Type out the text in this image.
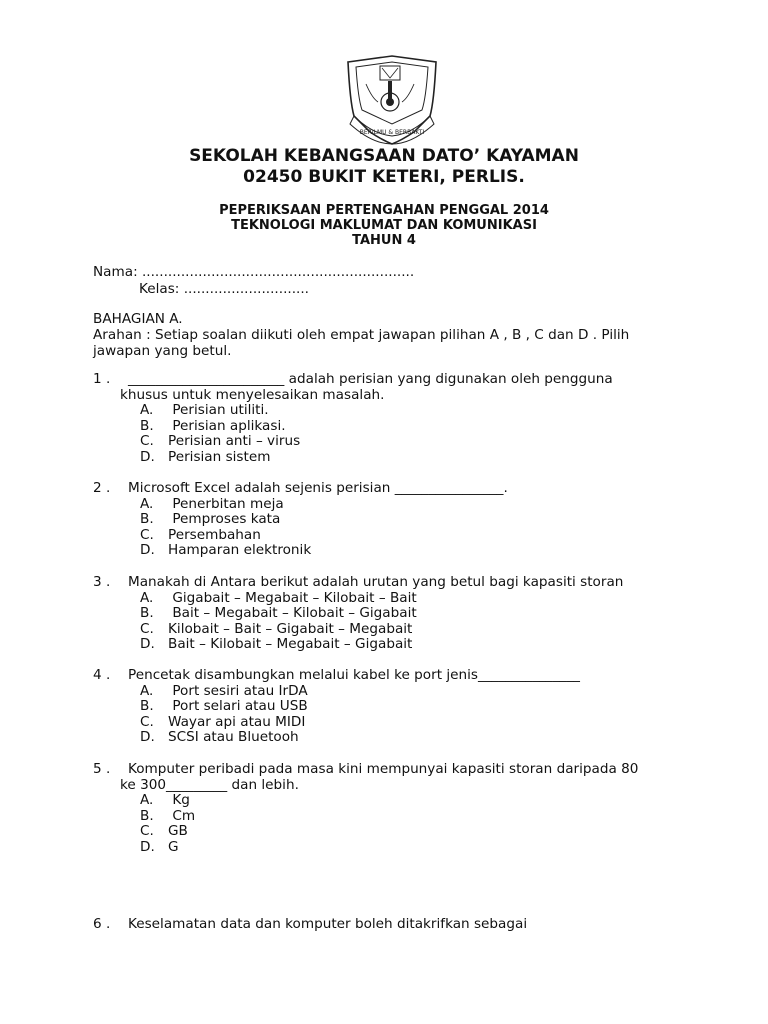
BERILMU & BERBAKTI
SEKOLAH KEBANGSAAN DATO’ KAYAMAN
02450 BUKIT KETERI, PERLIS.
PEPERIKSAAN PERTENGAHAN PENGGAL 2014
TEKNOLOGI MAKLUMAT DAN KOMUNIKASI
TAHUN 4
Nama: ...............................................................
Kelas: .............................
BAHAGIAN A.
Arahan : Setiap soalan diikuti oleh empat jawapan pilihan A , B , C dan D . Pilih
jawapan yang betul.
1 . _______________________ adalah perisian yang digunakan oleh pengguna
khusus untuk menyelesaikan masalah.
A. Perisian utiliti.
B. Perisian aplikasi.
C. Perisian anti – virus
D. Perisian sistem
2 . Microsoft Excel adalah sejenis perisian ________________.
A. Penerbitan meja
B. Pemproses kata
C. Persembahan
D. Hamparan elektronik
3 . Manakah di Antara berikut adalah urutan yang betul bagi kapasiti storan
A. Gigabait – Megabait – Kilobait – Bait
B. Bait – Megabait – Kilobait – Gigabait
C. Kilobait – Bait – Gigabait – Megabait
D. Bait – Kilobait – Megabait – Gigabait
4 . Pencetak disambungkan melalui kabel ke port jenis_______________
A. Port sesiri atau IrDA
B. Port selari atau USB
C. Wayar api atau MIDI
D. SCSI atau Bluetooh
5 . Komputer peribadi pada masa kini mempunyai kapasiti storan daripada 80
ke 300_________ dan lebih.
A. Kg
B. Cm
C. GB
D. G
6 . Keselamatan data dan komputer boleh ditakrifkan sebagai
